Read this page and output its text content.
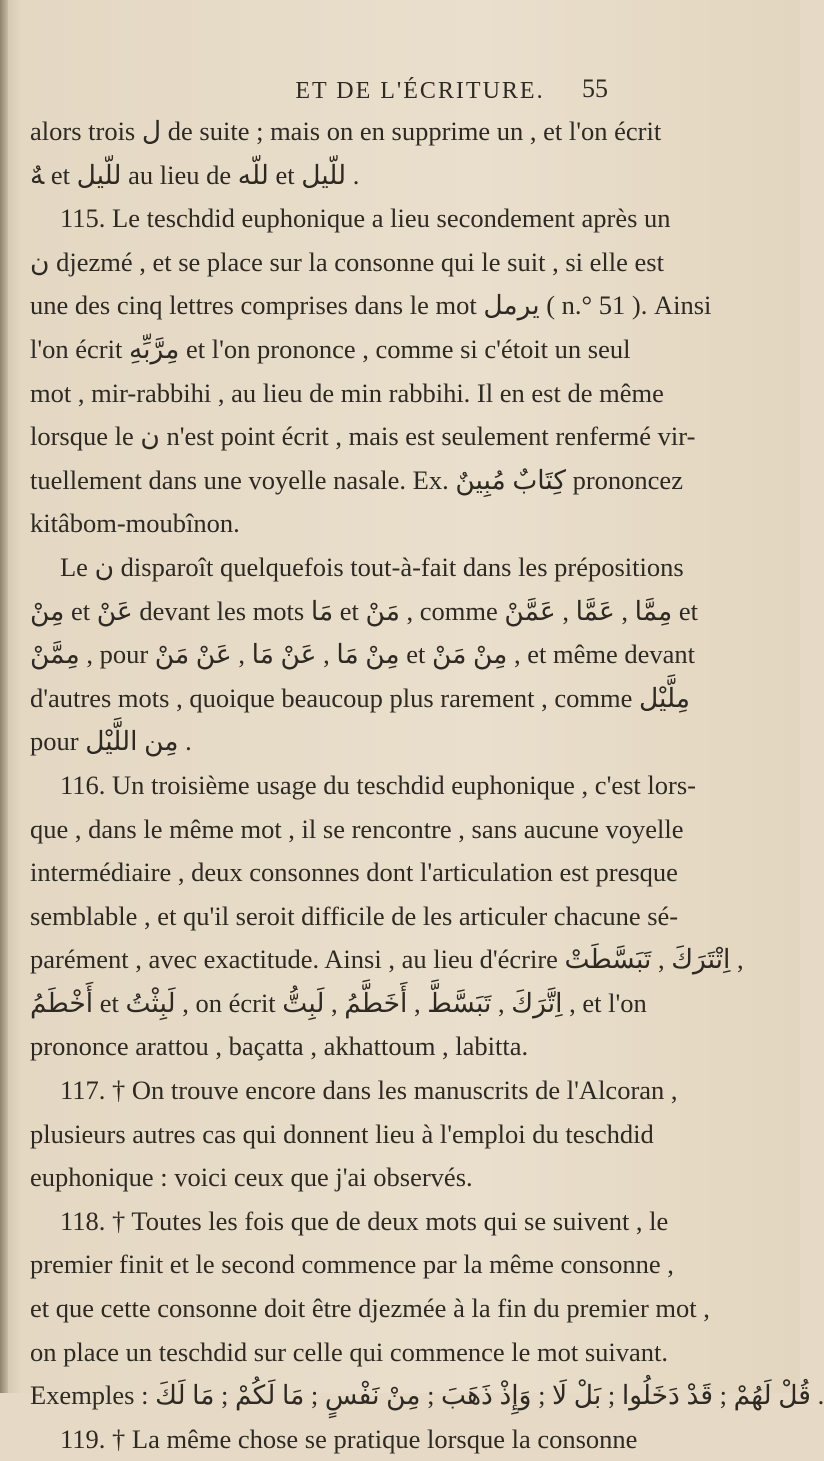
ET DE L'ÉCRITURE.	55
alors trois ل de suite ; mais on en supprime un , et l'on écrit
ﻪٌ et ﻟﻠّﻴﻞ au lieu de ﻟﻠّﻪ et ﻟﻠّﻴﻞ .
115. Le teschdid euphonique a lieu secondement après un
ن djezmé , et se place sur la consonne qui le suit , si elle est
une des cinq lettres comprises dans le mot يرمل ( n.° 51 ). Ainsi
l'on écrit مِرَّبِّهِ et l'on prononce , comme si c'étoit un seul
mot , mir-rabbihi , au lieu de min rabbihi. Il en est de même
lorsque le ن n'est point écrit , mais est seulement renfermé vir-
tuellement dans une voyelle nasale. Ex. كِتَابٌ مُبِينٌ prononcez
kitâbom-moubînon.
Le ن disparoît quelquefois tout-à-fait dans les prépositions
مِنْ et عَنْ devant les mots مَا et مَنْ , comme مِمَّا , عَمَّا , عَمَّنْ et
مِمَّنْ , pour مِنْ مَا , عَنْ مَا , عَنْ مَنْ et مِنْ مَنْ , et même devant
d'autres mots , quoique beaucoup plus rarement , comme مِلَّيْل
pour مِن اللَّيْل .
116. Un troisième usage du teschdid euphonique , c'est lors-
que , dans le même mot , il se rencontre , sans aucune voyelle
intermédiaire , deux consonnes dont l'articulation est presque
semblable , et qu'il seroit difficile de les articuler chacune sé-
parément , avec exactitude. Ainsi , au lieu d'écrire اِتْتَرَكَ , تَبَسَّطَتْ ,
أَخْطَمُ et لَبِثْتُ , on écrit اِتَّرَكَ , تَبَسَّطَّ , أَخَطَّمُ , لَبِتُّ , et l'on
prononce arattou , baçatta , akhattoum , labitta.
117. † On trouve encore dans les manuscrits de l'Alcoran ,
plusieurs autres cas qui donnent lieu à l'emploi du teschdid
euphonique : voici ceux que j'ai observés.
118. † Toutes les fois que de deux mots qui se suivent , le
premier finit et le second commence par la même consonne ,
et que cette consonne doit être djezmée à la fin du premier mot ,
on place un teschdid sur celle qui commence le mot suivant.
Exemples : قُلْ لَهُمْ ; قَدْ دَخَلُوا ; بَلْ لَا ; وَإِذْ ذَهَبَ ; مِنْ نَفْسٍ ; مَا لَكُمْ ; مَا لَكَ .
119. † La même chose se pratique lorsque la consonne
